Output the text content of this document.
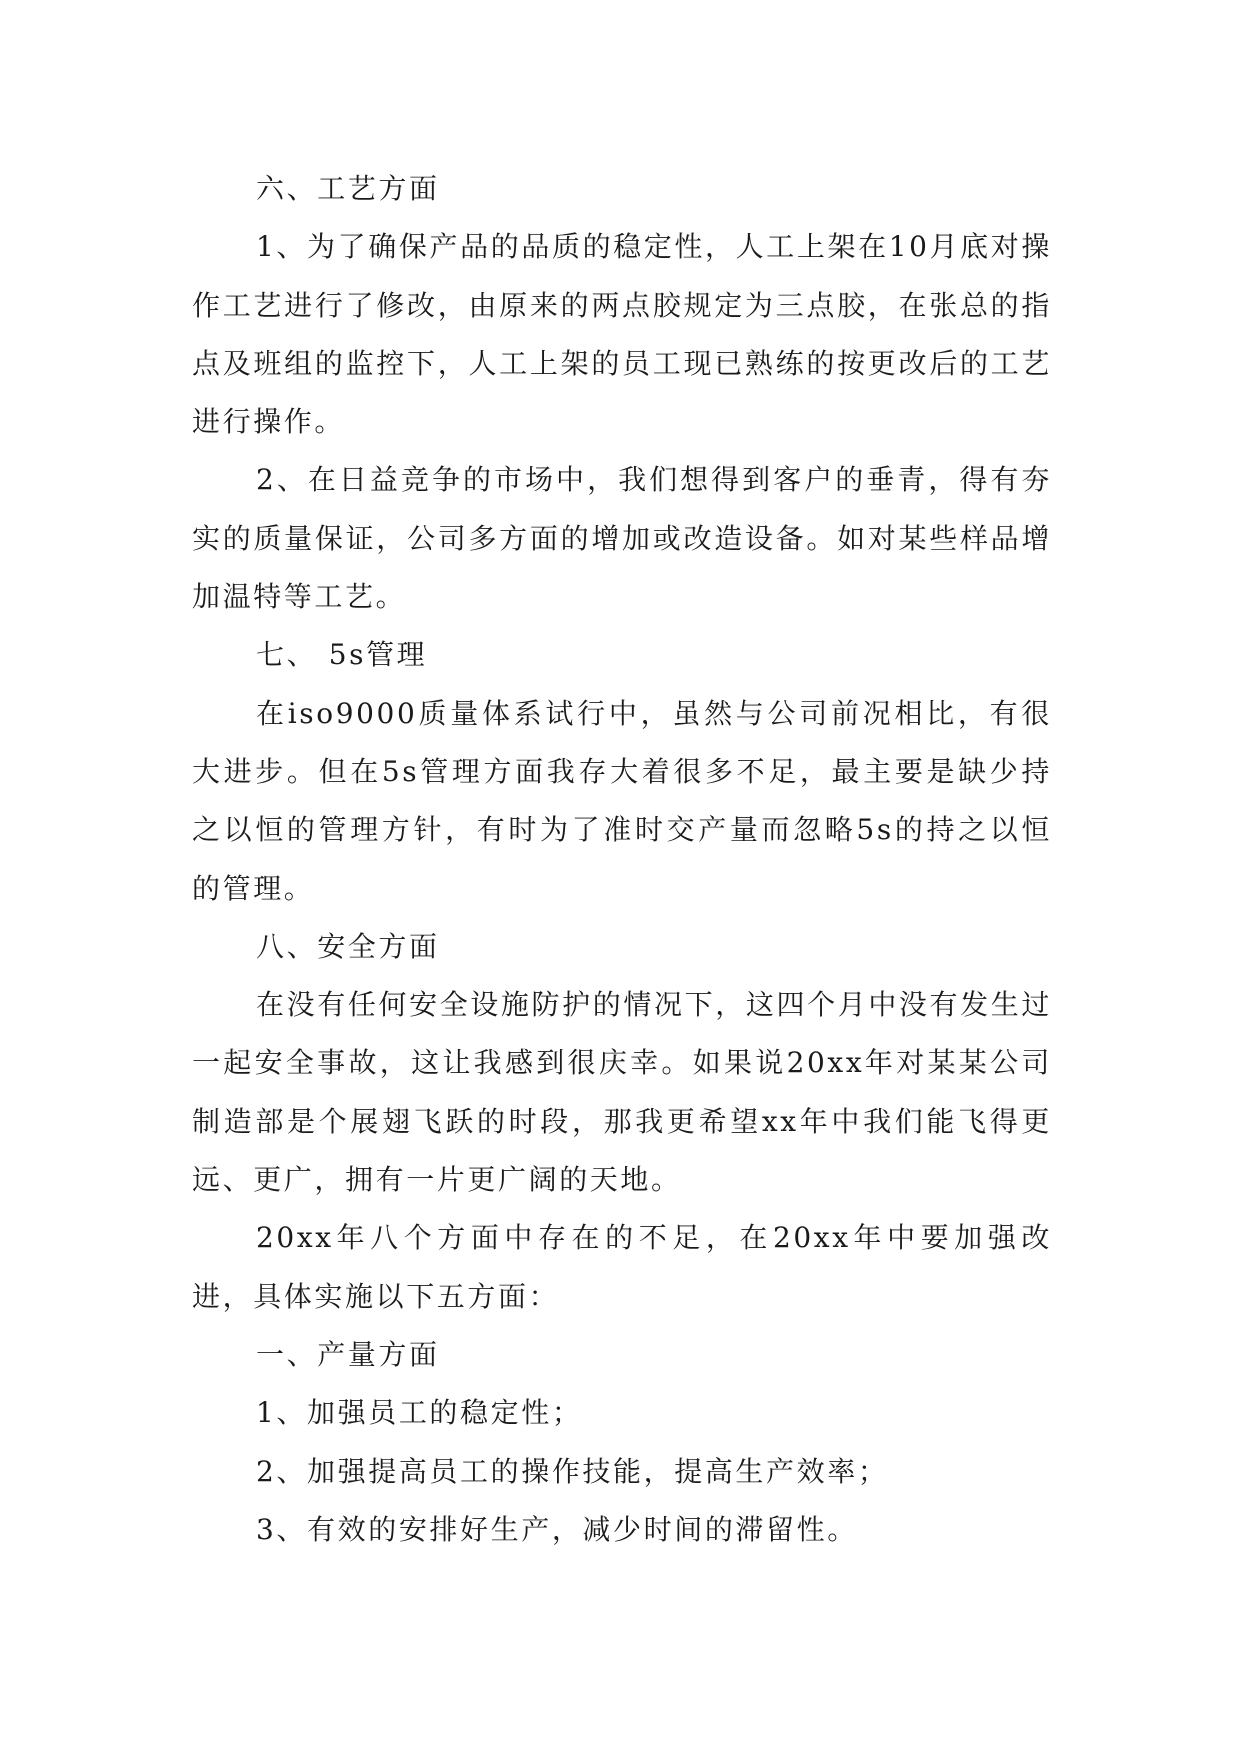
六、工艺方面

1、为了确保产品的品质的稳定性，人工上架在10月底对操作工艺进行了修改，由原来的两点胶规定为三点胶，在张总的指点及班组的监控下，人工上架的员工现已熟练的按更改后的工艺进行操作。

2、在日益竞争的市场中，我们想得到客户的垂青，得有夯实的质量保证，公司多方面的增加或改造设备。如对某些样品增加温特等工艺。

七、 5s管理

在iso9000质量体系试行中，虽然与公司前况相比，有很大进步。但在5s管理方面我存大着很多不足，最主要是缺少持之以恒的管理方针，有时为了准时交产量而忽略5s的持之以恒的管理。

八、安全方面

在没有任何安全设施防护的情况下，这四个月中没有发生过一起安全事故，这让我感到很庆幸。如果说20xx年对某某公司制造部是个展翅飞跃的时段，那我更希望xx年中我们能飞得更远、更广，拥有一片更广阔的天地。

20xx年八个方面中存在的不足，在20xx年中要加强改进，具体实施以下五方面：

一、产量方面

1、加强员工的稳定性；

2、加强提高员工的操作技能，提高生产效率；

3、有效的安排好生产，减少时间的滞留性。
